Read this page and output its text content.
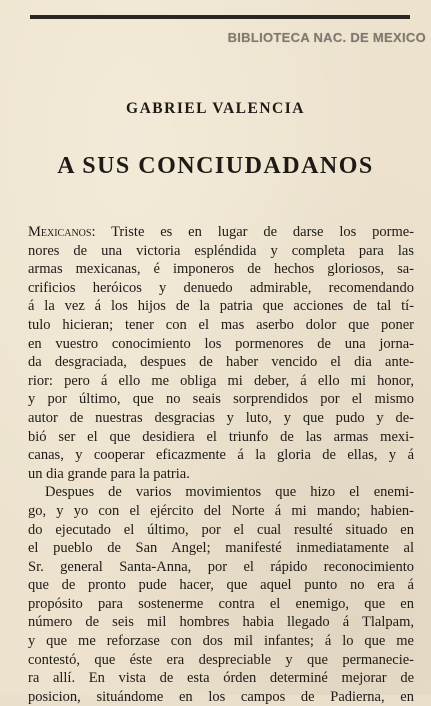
BIBLIOTECA NAC. DE MEXICO
GABRIEL VALENCIA
A SUS CONCIUDADANOS
Mexicanos: Triste es en lugar de darse los porme-
nores de una victoria espléndida y completa para las
armas mexicanas, é imponeros de hechos gloriosos, sa-
crificios heróicos y denuedo admirable, recomendando
á la vez á los hijos de la patria que acciones de tal tí-
tulo hicieran; tener con el mas aserbo dolor que poner
en vuestro conocimiento los pormenores de una jorna-
da desgraciada, despues de haber vencido el dia ante-
rior: pero á ello me obliga mi deber, á ello mi honor,
y por último, que no seais sorprendidos por el mismo
autor de nuestras desgracias y luto, y que pudo y de-
bió ser el que desidiera el triunfo de las armas mexi-
canas, y cooperar eficazmente á la gloria de ellas, y á
un dia grande para la patria.
Despues de varios movimientos que hizo el enemi-
go, y yo con el ejército del Norte á mi mando; habien-
do ejecutado el último, por el cual resulté situado en
el pueblo de San Angel; manifesté inmediatamente al
Sr. general Santa-Anna, por el rápido reconocimiento
que de pronto pude hacer, que aquel punto no era á
propósito para sostenerme contra el enemigo, que en
número de seis mil hombres habia llegado á Tlalpam,
y que me reforzase con dos mil infantes; á lo que me
contestó, que éste era despreciable y que permanecie-
ra allí. En vista de esta órden determiné mejorar de
posicion, situándome en los campos de Padierna, en
